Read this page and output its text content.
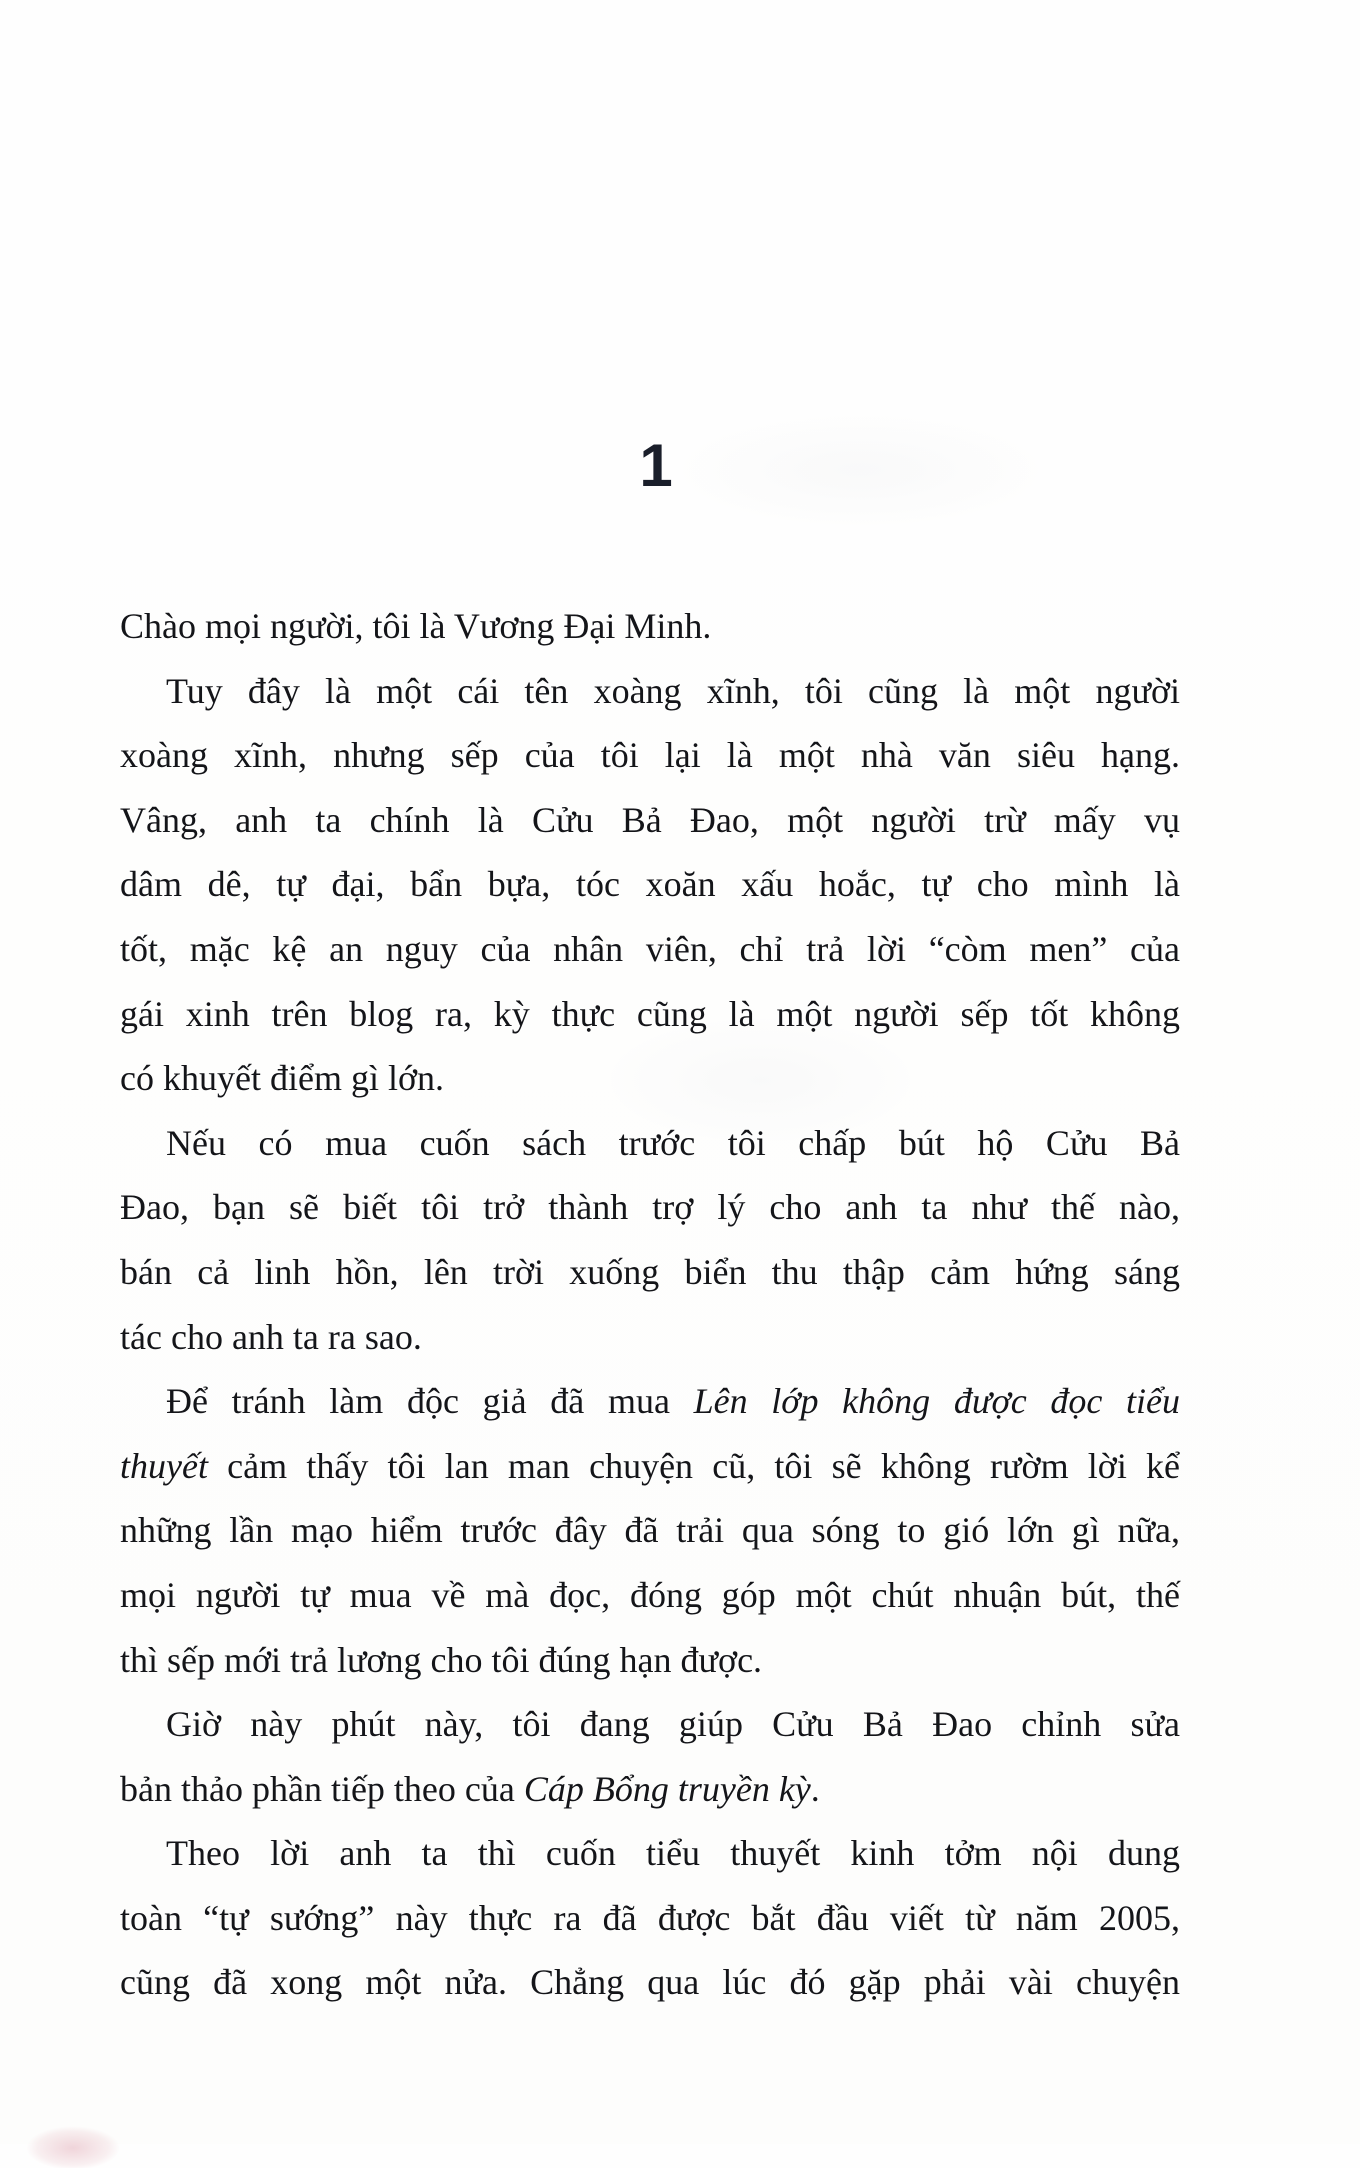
1
Chào mọi người, tôi là Vương Đại Minh.
Tuy đây là một cái tên xoàng xĩnh, tôi cũng là một người
xoàng xĩnh, nhưng sếp của tôi lại là một nhà văn siêu hạng.
Vâng, anh ta chính là Cửu Bả Đao, một người trừ mấy vụ
dâm dê, tự đại, bẩn bựa, tóc xoăn xấu hoắc, tự cho mình là
tốt, mặc kệ an nguy của nhân viên, chỉ trả lời “còm men” của
gái xinh trên blog ra, kỳ thực cũng là một người sếp tốt không
có khuyết điểm gì lớn.
Nếu có mua cuốn sách trước tôi chấp bút hộ Cửu Bả
Đao, bạn sẽ biết tôi trở thành trợ lý cho anh ta như thế nào,
bán cả linh hồn, lên trời xuống biển thu thập cảm hứng sáng
tác cho anh ta ra sao.
Để tránh làm độc giả đã mua Lên lớp không được đọc tiểu
thuyết cảm thấy tôi lan man chuyện cũ, tôi sẽ không rườm lời kể
những lần mạo hiểm trước đây đã trải qua sóng to gió lớn gì nữa,
mọi người tự mua về mà đọc, đóng góp một chút nhuận bút, thế
thì sếp mới trả lương cho tôi đúng hạn được.
Giờ này phút này, tôi đang giúp Cửu Bả Đao chỉnh sửa
bản thảo phần tiếp theo của Cáp Bổng truyền kỳ.
Theo lời anh ta thì cuốn tiểu thuyết kinh tởm nội dung
toàn “tự sướng” này thực ra đã được bắt đầu viết từ năm 2005,
cũng đã xong một nửa. Chẳng qua lúc đó gặp phải vài chuyện
